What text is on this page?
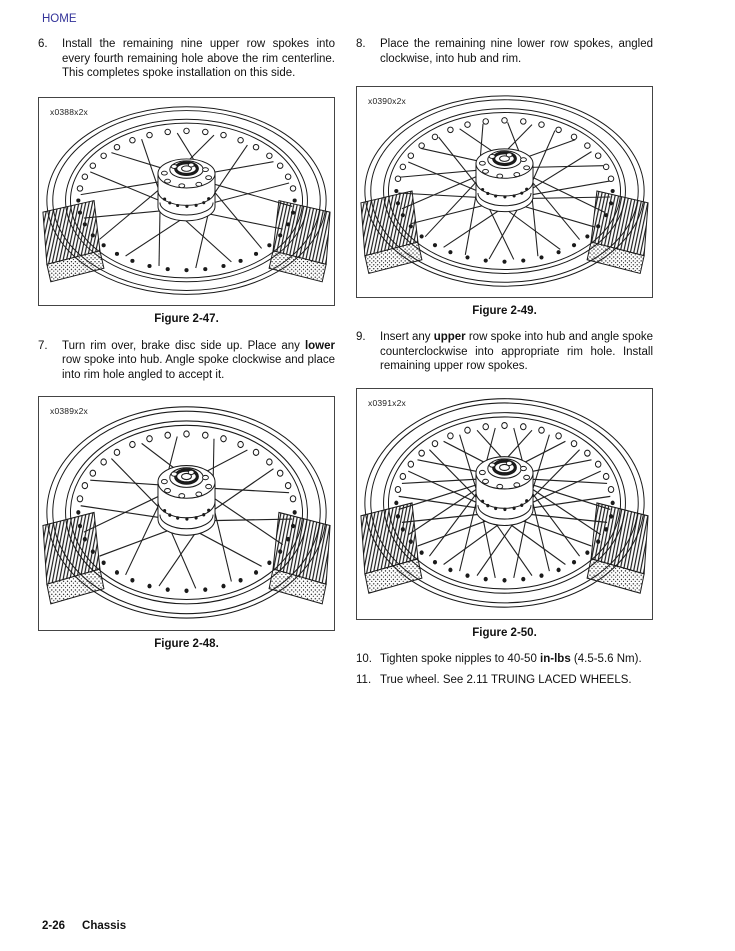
HOME
6.	Install the remaining nine upper row spokes into every fourth remaining hole above the rim centerline. This completes spoke installation on this side.
x0388x2x
Figure 2-47.
7.	Turn rim over, brake disc side up. Place any lower row spoke into hub. Angle spoke clockwise and place into rim hole angled to accept it.
x0389x2x
Figure 2-48.
8.	Place the remaining nine lower row spokes, angled clockwise, into hub and rim.
x0390x2x
Figure 2-49.
9.	Insert any upper row spoke into hub and angle spoke counterclockwise into appropriate rim hole. Install remaining upper row spokes.
x0391x2x
Figure 2-50.
10. Tighten spoke nipples to 40-50 in-lbs (4.5-5.6 Nm).
11. True wheel. See 2.11 TRUING LACED WHEELS.
2-26 Chassis
